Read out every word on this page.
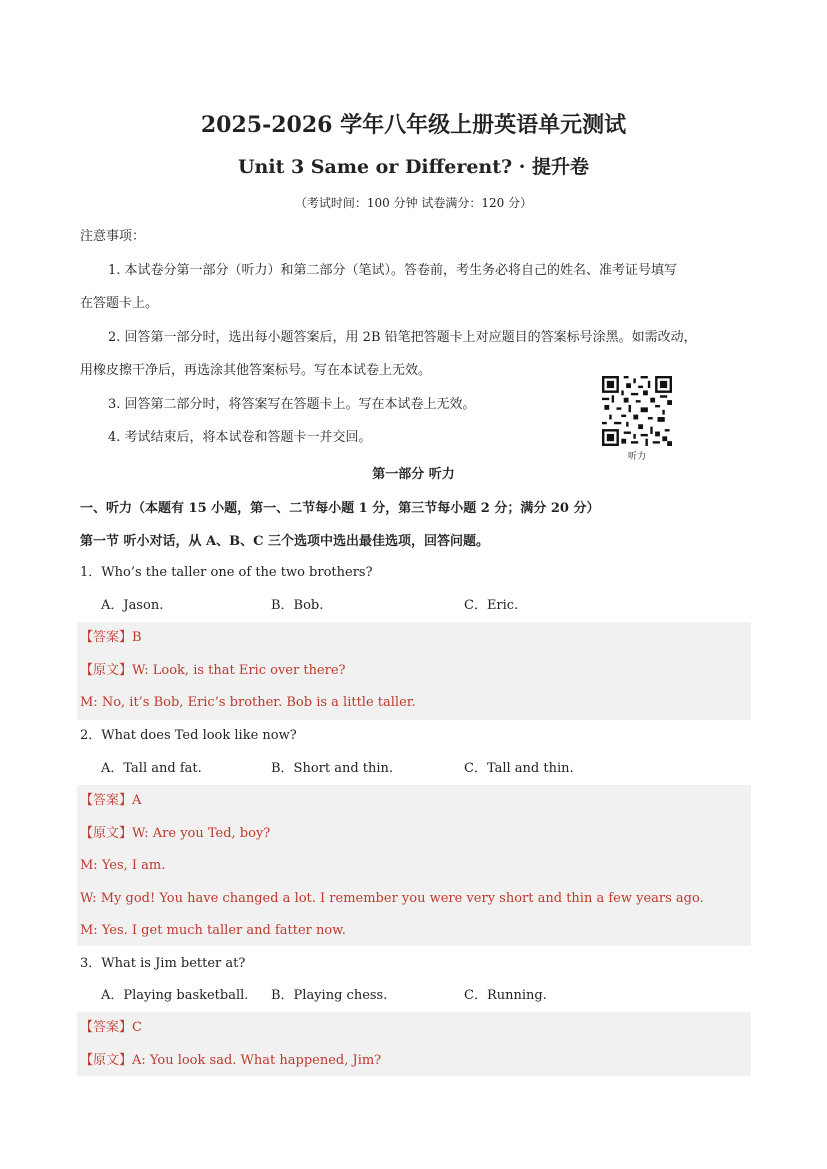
2025-2026 学年八年级上册英语单元测试
Unit 3 Same or Different? · 提升卷
（考试时间：100 分钟 试卷满分：120 分）
注意事项：
1. 本试卷分第一部分（听力）和第二部分（笔试）。答卷前，考生务必将自己的姓名、准考证号填写
在答题卡上。
2. 回答第一部分时，选出每小题答案后，用 2B 铅笔把答题卡上对应题目的答案标号涂黑。如需改动，
用橡皮擦干净后，再选涂其他答案标号。写在本试卷上无效。
3. 回答第二部分时，将答案写在答题卡上。写在本试卷上无效。
4. 考试结束后，将本试卷和答题卡一并交回。
听力
第一部分 听力
一、听力（本题有 15 小题，第一、二节每小题 1 分，第三节每小题 2 分；满分 20 分）
第一节 听小对话，从 A、B、C 三个选项中选出最佳选项，回答问题。
1．Who’s the taller one of the two brothers?
A．Jason.	B．Bob.	C．Eric.
【答案】B
【原文】W: Look, is that Eric over there?
M: No, it’s Bob, Eric’s brother. Bob is a little taller.
2．What does Ted look like now?
A．Tall and fat.	B．Short and thin.	C．Tall and thin.
【答案】A
【原文】W: Are you Ted, boy?
M: Yes, I am.
W: My god! You have changed a lot. I remember you were very short and thin a few years ago.
M: Yes. I get much taller and fatter now.
3．What is Jim better at?
A．Playing basketball. B．Playing chess.	C．Running.
【答案】C
【原文】A: You look sad. What happened, Jim?
